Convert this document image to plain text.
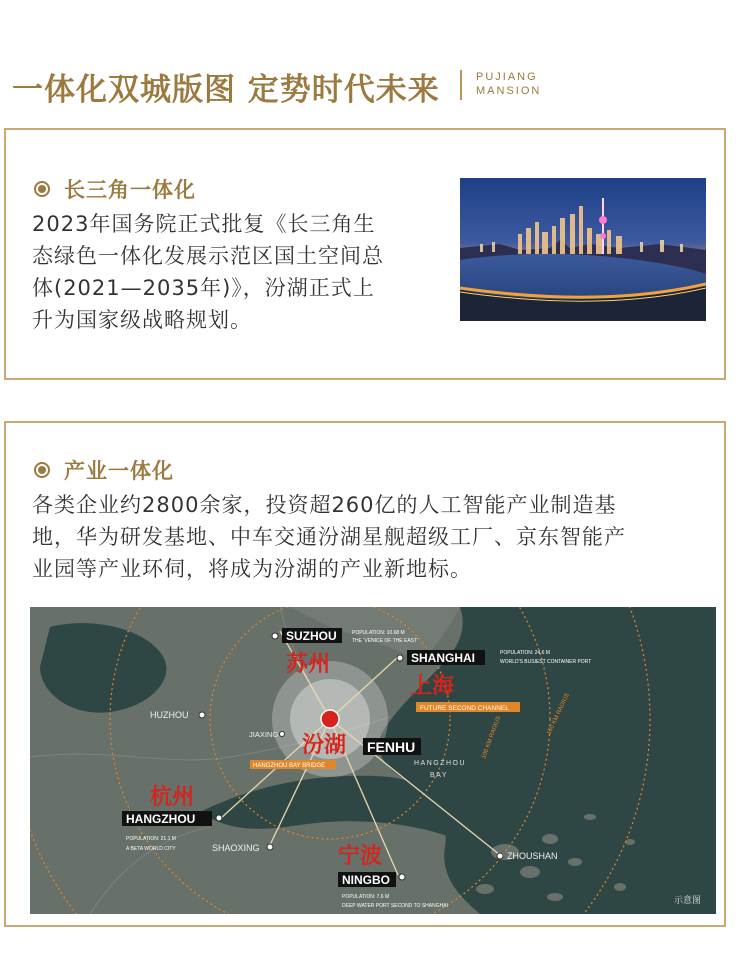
一体化双城版图 定势时代未来	PUJIANG
MANSION
长三角一体化
2023年国务院正式批复《长三角生
态绿色一体化发展示范区国土空间总
体(2021—2035年)》，汾湖正式上
升为国家级战略规划。
产业一体化
各类企业约2800余家，投资超260亿的人工智能产业制造基
地，华为研发基地、中车交通汾湖星舰超级工厂、京东智能产
业园等产业环伺，将成为汾湖的产业新地标。
SUZHOU	POPULATION: 10.68 M
THE 'VENICE OF THE EAST'
苏州	SHANGHAI	POPULATION: 24.6 M
WORLD'S BUSIEST CONTAINER PORT
上海
FUTURE SECOND CHANNEL
HUZHOU
JIAXING 汾湖 FENHU
HANGZHOU BAY BRIDGE	HANGZHOU
BAY
100 KM RADIUS
150 KM RADIUS
杭州
HANGZHOU
POPULATION: 21.1 M
A BETA WORLD CITY	SHAOXING	宁波
NINGBO
POPULATION: 7.6 M
DEEP WATER PORT SECOND TO SHANGHAI
ZHOUSHAN
示意图
